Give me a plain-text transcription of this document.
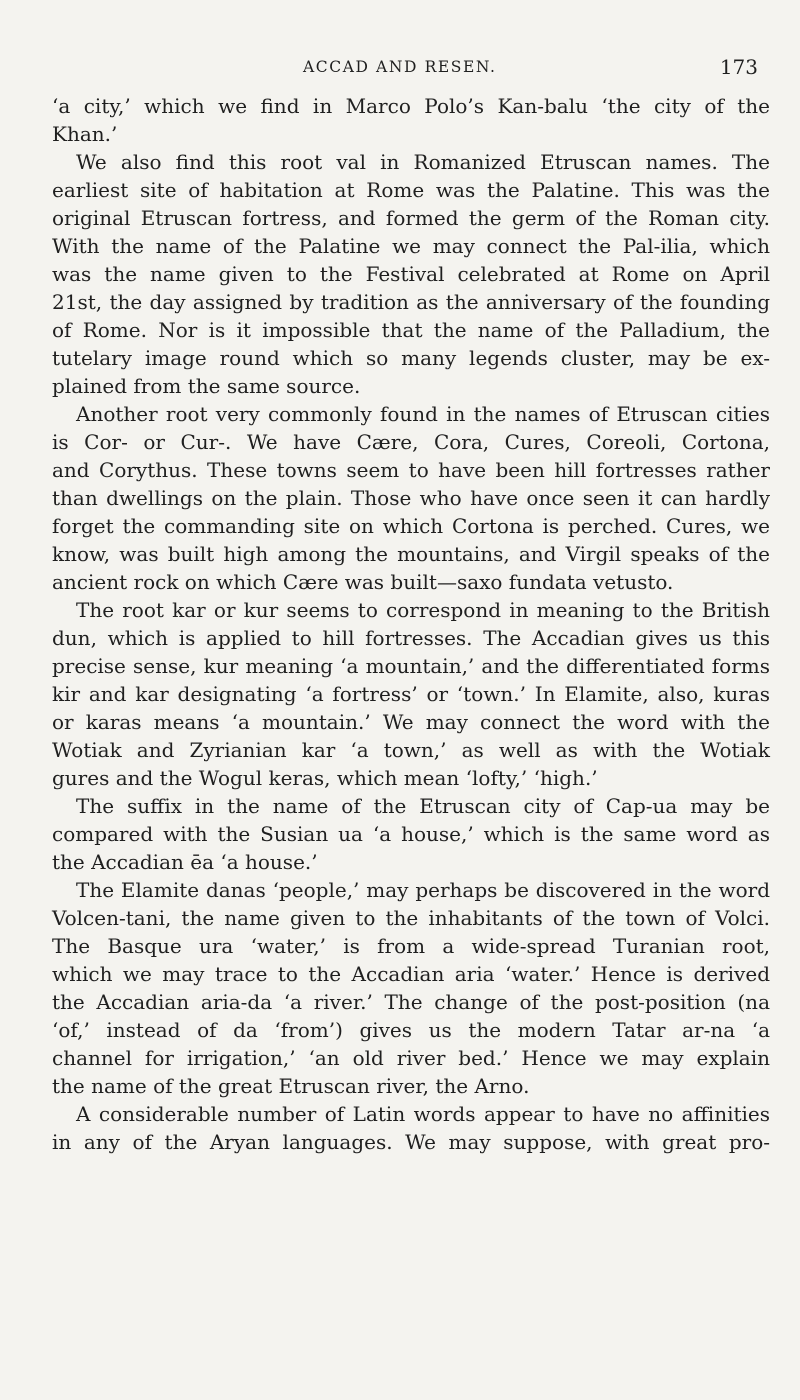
ACCAD AND RESEN.	173
‘a city,’ which we find in Marco Polo’s Kan-balu ‘the city of the
Khan.’
We also find this root val in Romanized Etruscan names. The
earliest site of habitation at Rome was the Palatine. This was the
original Etruscan fortress, and formed the germ of the Roman city.
With the name of the Palatine we may connect the Pal-ilia, which
was the name given to the Festival celebrated at Rome on April
21st, the day assigned by tradition as the anniversary of the founding
of Rome. Nor is it impossible that the name of the Palladium, the
tutelary image round which so many legends cluster, may be ex-
plained from the same source.
Another root very commonly found in the names of Etruscan cities
is Cor- or Cur-. We have Cære, Cora, Cures, Coreoli, Cortona,
and Corythus. These towns seem to have been hill fortresses rather
than dwellings on the plain. Those who have once seen it can hardly
forget the commanding site on which Cortona is perched. Cures, we
know, was built high among the mountains, and Virgil speaks of the
ancient rock on which Cære was built—saxo fundata vetusto.
The root kar or kur seems to correspond in meaning to the British
dun, which is applied to hill fortresses. The Accadian gives us this
precise sense, kur meaning ‘a mountain,’ and the differentiated forms
kir and kar designating ‘a fortress’ or ‘town.’ In Elamite, also, kuras
or karas means ‘a mountain.’ We may connect the word with the
Wotiak and Zyrianian kar ‘a town,’ as well as with the Wotiak
gures and the Wogul keras, which mean ‘lofty,’ ‘high.’
The suffix in the name of the Etruscan city of Cap-ua may be
compared with the Susian ua ‘a house,’ which is the same word as
the Accadian ēa ‘a house.’
The Elamite danas ‘people,’ may perhaps be discovered in the word
Volcen-tani, the name given to the inhabitants of the town of Volci.
The Basque ura ‘water,’ is from a wide-spread Turanian root,
which we may trace to the Accadian aria ‘water.’ Hence is derived
the Accadian aria-da ‘a river.’ The change of the post-position (na
‘of,’ instead of da ‘from’) gives us the modern Tatar ar-na ‘a
channel for irrigation,’ ‘an old river bed.’ Hence we may explain
the name of the great Etruscan river, the Arno.
A considerable number of Latin words appear to have no affinities
in any of the Aryan languages. We may suppose, with great pro-
